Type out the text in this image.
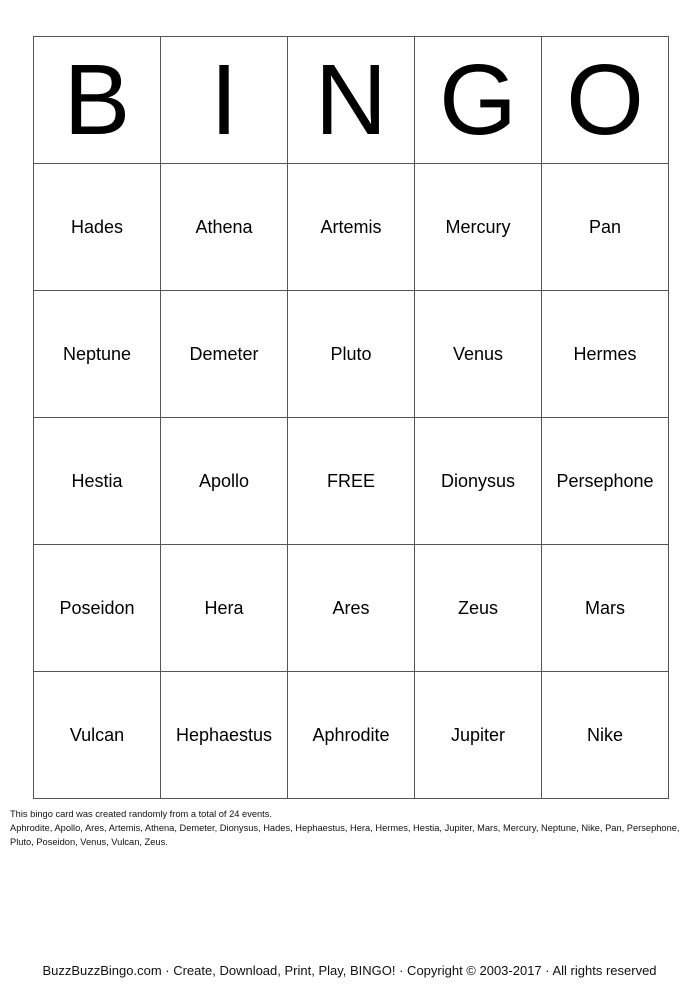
B	I	N	G	O
Hades	Athena	Artemis	Mercury	Pan
Neptune	Demeter	Pluto	Venus	Hermes
Hestia	Apollo	FREE	Dionysus	Persephone
Poseidon	Hera	Ares	Zeus	Mars
Vulcan	Hephaestus	Aphrodite	Jupiter	Nike
This bingo card was created randomly from a total of 24 events.
Aphrodite, Apollo, Ares, Artemis, Athena, Demeter, Dionysus, Hades, Hephaestus, Hera, Hermes, Hestia, Jupiter, Mars, Mercury, Neptune, Nike, Pan, Persephone, Pluto, Poseidon, Venus, Vulcan, Zeus.
BuzzBuzzBingo.com · Create, Download, Print, Play, BINGO! · Copyright © 2003-2017 · All rights reserved
